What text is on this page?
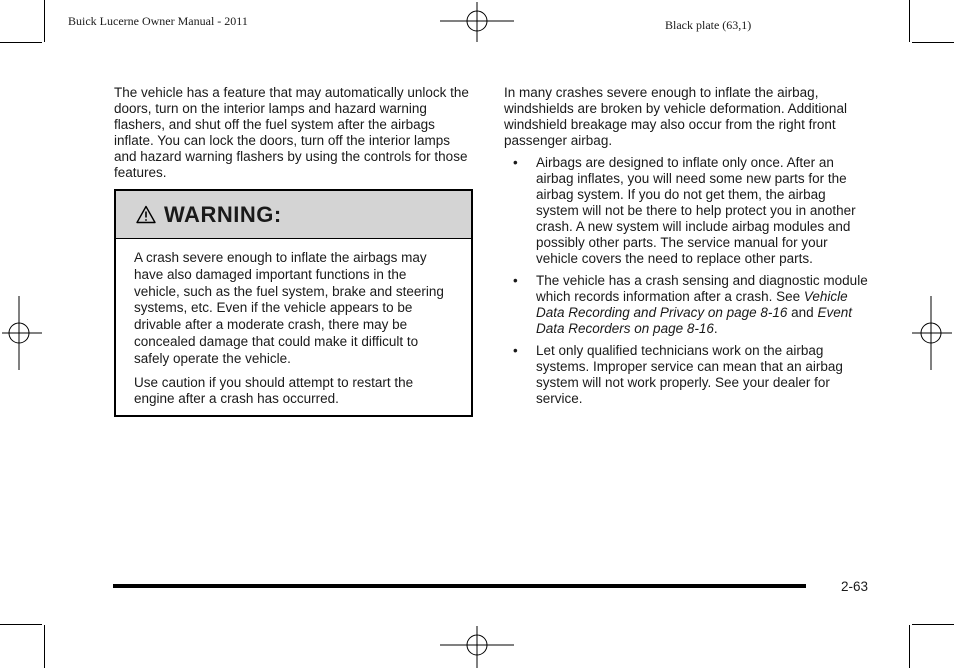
Buick Lucerne Owner Manual - 2011	Black plate (63,1)

The vehicle has a feature that may automatically unlock the doors, turn on the interior lamps and hazard warning flashers, and shut off the fuel system after the airbags inflate. You can lock the doors, turn off the interior lamps and hazard warning flashers by using the controls for those features.

WARNING:

A crash severe enough to inflate the airbags may have also damaged important functions in the vehicle, such as the fuel system, brake and steering systems, etc. Even if the vehicle appears to be drivable after a moderate crash, there may be concealed damage that could make it difficult to safely operate the vehicle.

Use caution if you should attempt to restart the engine after a crash has occurred.

In many crashes severe enough to inflate the airbag, windshields are broken by vehicle deformation. Additional windshield breakage may also occur from the right front passenger airbag.

• Airbags are designed to inflate only once. After an airbag inflates, you will need some new parts for the airbag system. If you do not get them, the airbag system will not be there to help protect you in another crash. A new system will include airbag modules and possibly other parts. The service manual for your vehicle covers the need to replace other parts.
• The vehicle has a crash sensing and diagnostic module which records information after a crash. See Vehicle Data Recording and Privacy on page 8-16 and Event Data Recorders on page 8-16.
• Let only qualified technicians work on the airbag systems. Improper service can mean that an airbag system will not work properly. See your dealer for service.
2-63
